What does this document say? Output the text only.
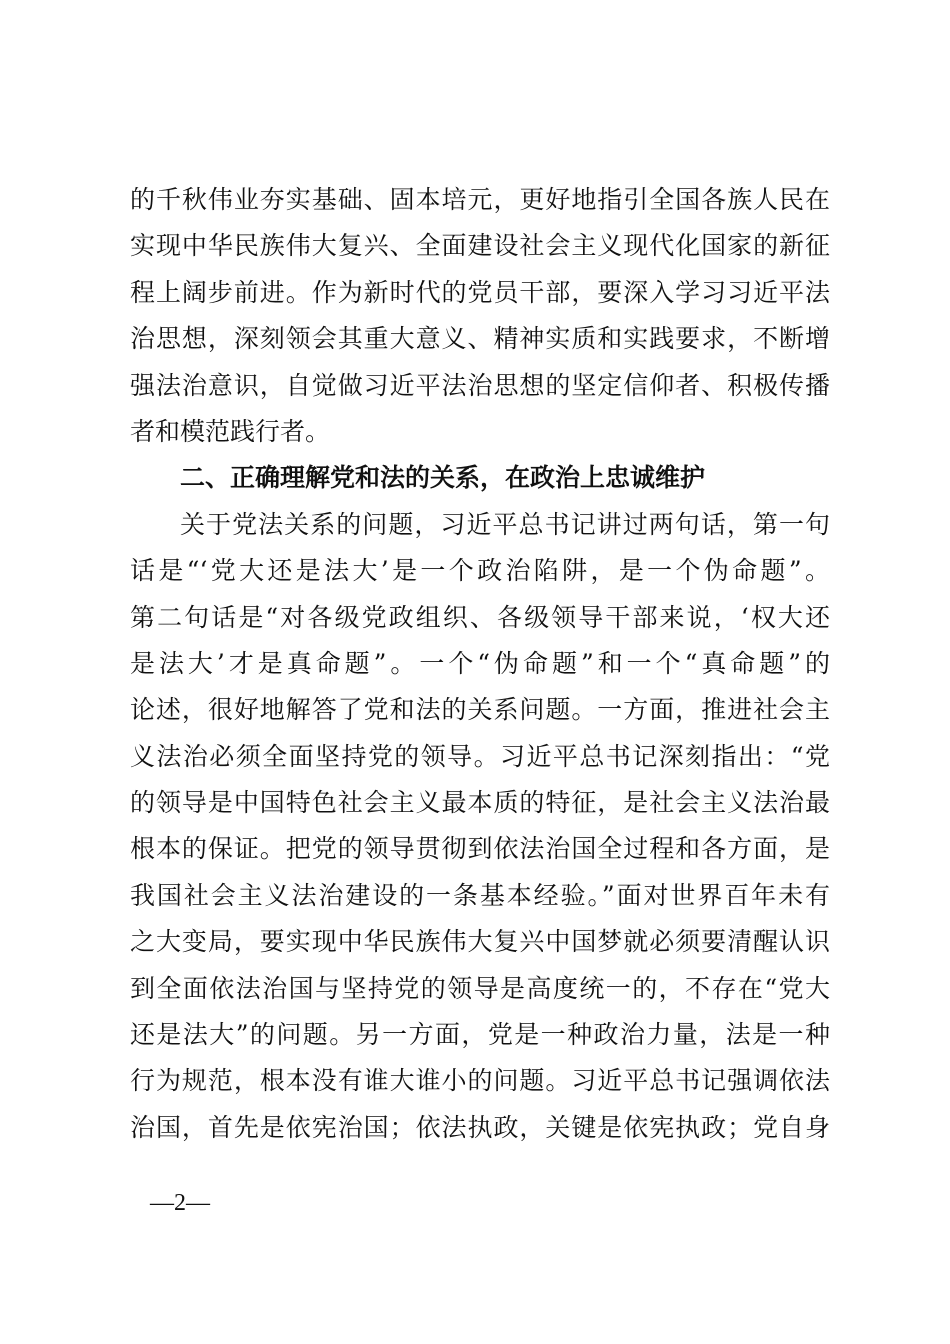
的千秋伟业夯实基础、固本培元，更好地指引全国各族人民在
实现中华民族伟大复兴、全面建设社会主义现代化国家的新征
程上阔步前进。作为新时代的党员干部，要深入学习习近平法
治思想，深刻领会其重大意义、精神实质和实践要求，不断增
强法治意识，自觉做习近平法治思想的坚定信仰者、积极传播
者和模范践行者。
二、正确理解党和法的关系，在政治上忠诚维护
关于党法关系的问题，习近平总书记讲过两句话，第一句
话是“‘党大还是法大’是一个政治陷阱，是一个伪命题”。
第二句话是“对各级党政组织、各级领导干部来说，‘权大还
是法大’才是真命题”。一个“伪命题”和一个“真命题”的
论述，很好地解答了党和法的关系问题。一方面，推进社会主
义法治必须全面坚持党的领导。习近平总书记深刻指出：“党
的领导是中国特色社会主义最本质的特征，是社会主义法治最
根本的保证。把党的领导贯彻到依法治国全过程和各方面，是
我国社会主义法治建设的一条基本经验。”面对世界百年未有
之大变局，要实现中华民族伟大复兴中国梦就必须要清醒认识
到全面依法治国与坚持党的领导是高度统一的，不存在“党大
还是法大”的问题。另一方面，党是一种政治力量，法是一种
行为规范，根本没有谁大谁小的问题。习近平总书记强调依法
治国，首先是依宪治国；依法执政，关键是依宪执政；党自身
—2—
